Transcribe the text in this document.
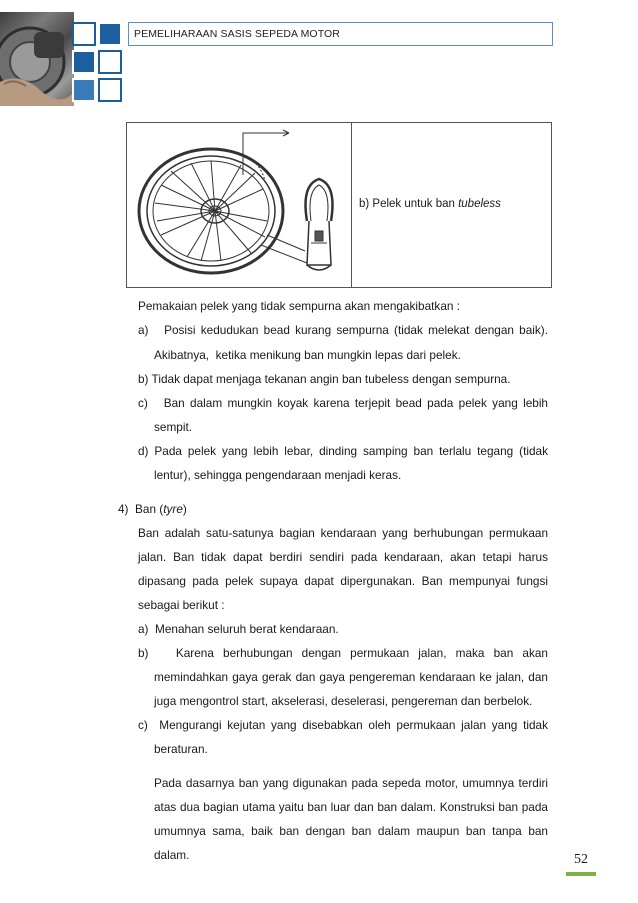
PEMELIHARAAN SASIS SEPEDA MOTOR
b) Pelek untuk ban tubeless
Pemakaian pelek yang tidak sempurna akan mengakibatkan :
a)   Posisi kedudukan bead kurang sempurna (tidak melekat dengan baik).
Akibatnya,  ketika menikung ban mungkin lepas dari pelek.
b) Tidak dapat menjaga tekanan angin ban tubeless dengan sempurna.
c)   Ban dalam mungkin koyak karena terjepit bead pada pelek yang lebih
sempit.
d) Pada pelek yang lebih lebar, dinding samping ban terlalu tegang (tidak
lentur), sehingga pengendaraan menjadi keras.
4)  Ban (tyre)
Ban adalah satu-satunya bagian kendaraan yang berhubungan permukaan
jalan. Ban tidak dapat berdiri sendiri pada kendaraan, akan tetapi harus
dipasang pada pelek supaya dapat dipergunakan. Ban mempunyai fungsi
sebagai berikut :
a)  Menahan seluruh berat kendaraan.
b)   Karena berhubungan dengan permukaan jalan, maka ban akan
memindahkan gaya gerak dan gaya pengereman kendaraan ke jalan, dan
juga mengontrol start, akselerasi, deselerasi, pengereman dan berbelok.
c)  Mengurangi kejutan yang disebabkan oleh permukaan jalan yang tidak
beraturan.
Pada dasarnya ban yang digunakan pada sepeda motor, umumnya terdiri
atas dua bagian utama yaitu ban luar dan ban dalam. Konstruksi ban pada
umumnya sama, baik ban dengan ban dalam maupun ban tanpa ban
dalam.	52
